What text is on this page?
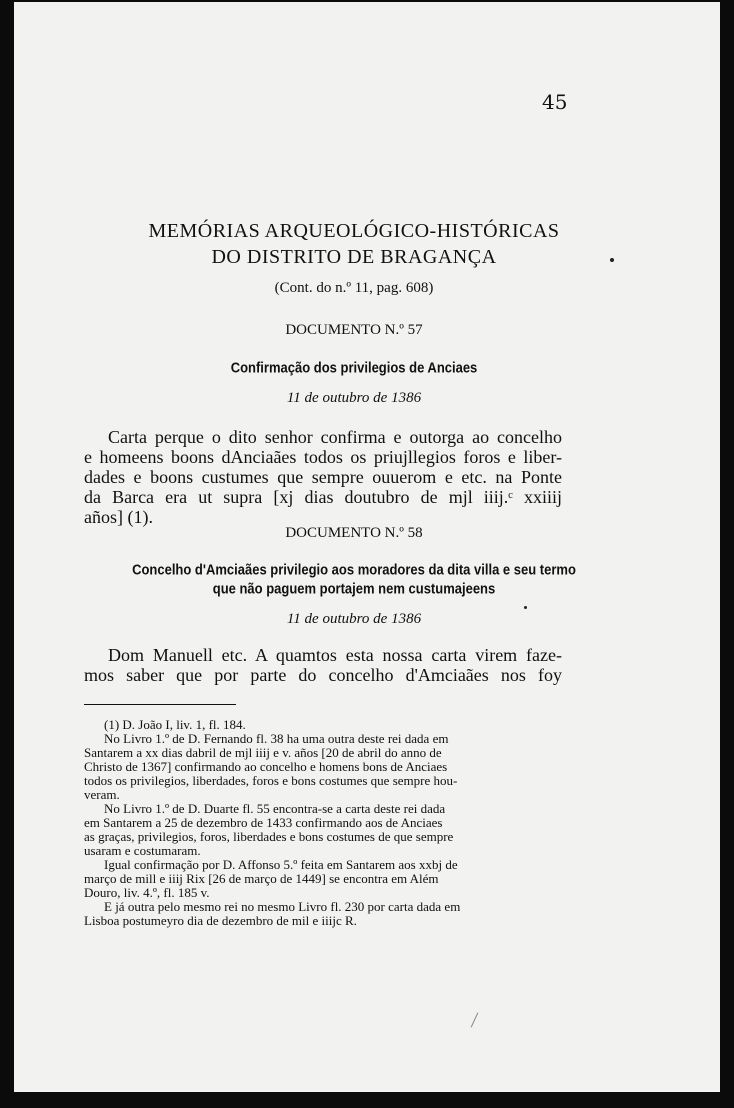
45
MEMÓRIAS ARQUEOLÓGICO-HISTÓRICAS
DO DISTRITO DE BRAGANÇA
(Cont. do n.º 11, pag. 608)
DOCUMENTO N.º 57
Confirmação dos privilegios de Anciaes
11 de outubro de 1386
Carta perque o dito senhor confirma e outorga ao concelho
e homeens boons dAnciaães todos os priujllegios foros e liber-
dades e boons custumes que sempre ouuerom e etc. na Ponte
da Barca era ut supra [xj dias doutubro de mjl iiij.ᶜ xxiiij
años] (1).
DOCUMENTO N.º 58
Concelho d'Amciaães privilegio aos moradores da dita villa e seu termo
que não paguem portajem nem custumajeens
11 de outubro de 1386
Dom Manuell etc. A quamtos esta nossa carta virem faze-
mos saber que por parte do concelho d'Amciaães nos foy
(1) D. João I, liv. 1, fl. 184.
No Livro 1.º de D. Fernando fl. 38 ha uma outra deste rei dada em
Santarem a xx dias dabril de mjl iiij e v. años [20 de abril do anno de
Christo de 1367] confirmando ao concelho e homens bons de Anciaes
todos os privilegios, liberdades, foros e bons costumes que sempre hou-
veram.
No Livro 1.º de D. Duarte fl. 55 encontra-se a carta deste rei dada
em Santarem a 25 de dezembro de 1433 confirmando aos de Anciaes
as graças, privilegios, foros, liberdades e bons costumes de que sempre
usaram e costumaram.
Igual confirmação por D. Affonso 5.º feita em Santarem aos xxbj de
março de mill e iiij Rix [26 de março de 1449] se encontra em Além
Douro, liv. 4.º, fl. 185 v.
E já outra pelo mesmo rei no mesmo Livro fl. 230 por carta dada em
Lisboa postumeyro dia de dezembro de mil e iiijc R.
